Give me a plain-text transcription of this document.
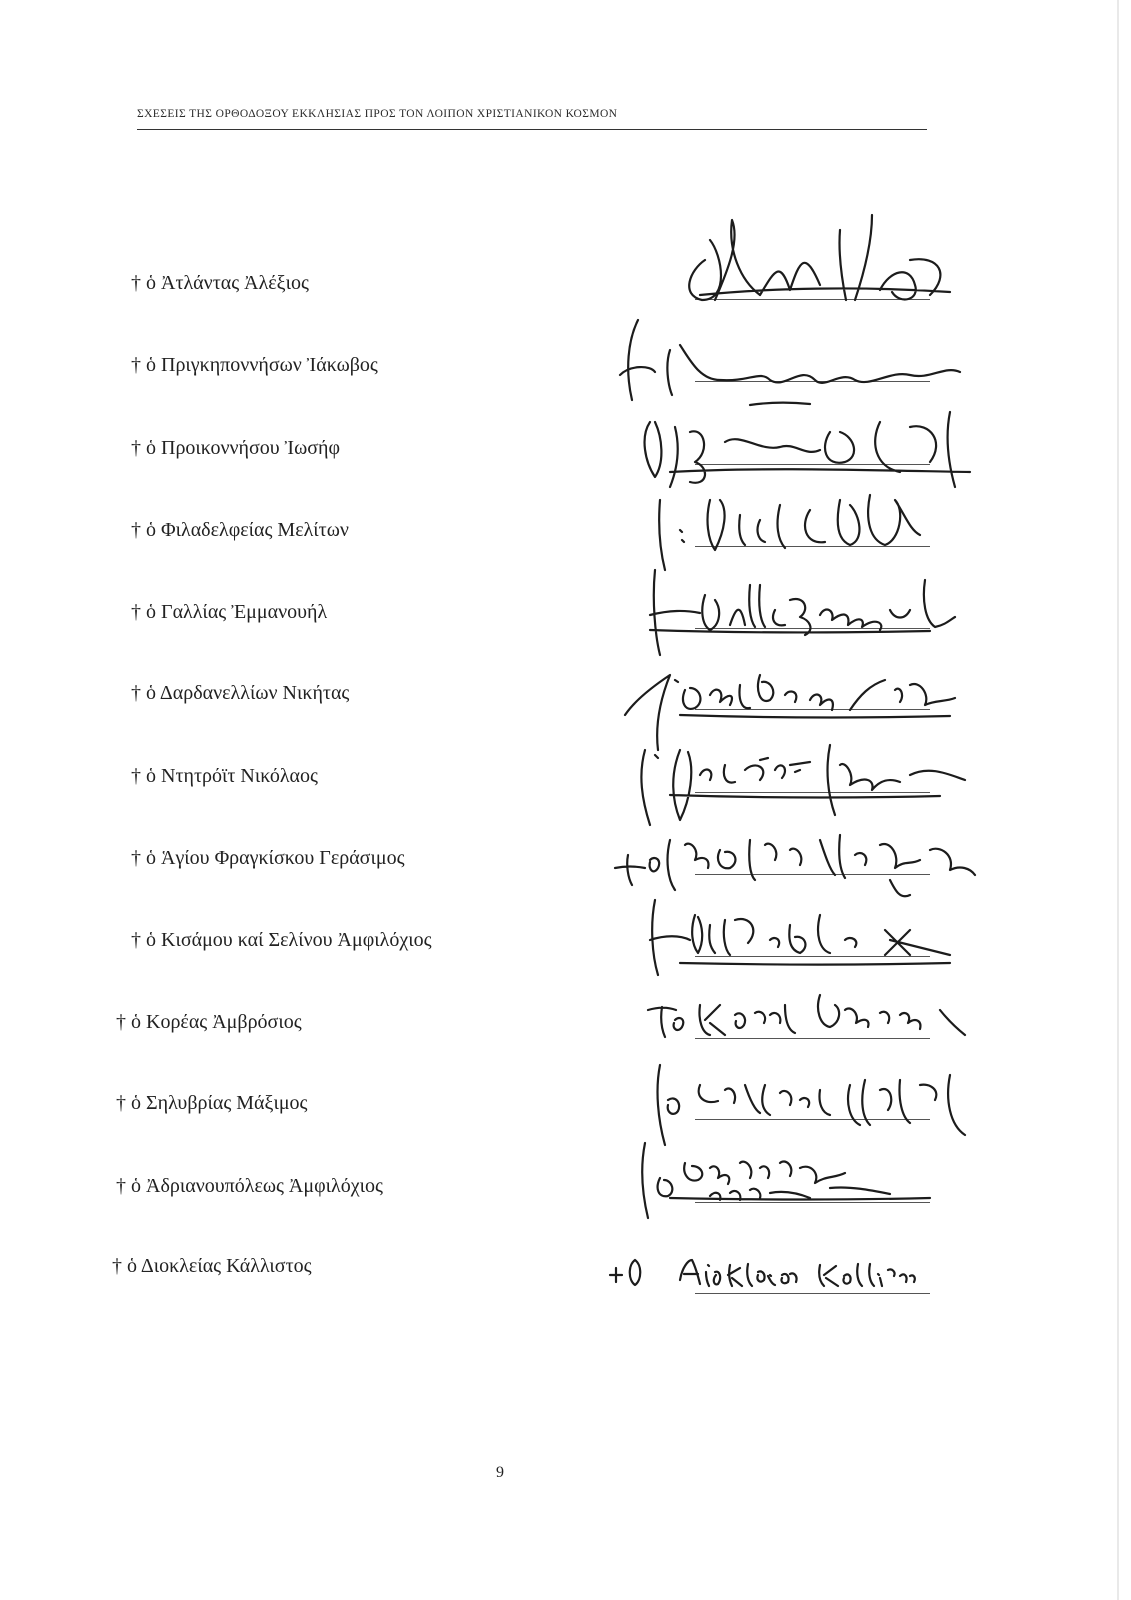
ΣΧΕΣΕΙΣ ΤΗΣ ΟΡΘΟΔΟΞΟΥ ΕΚΚΛΗΣΙΑΣ ΠΡΟΣ ΤΟΝ ΛΟΙΠΟΝ ΧΡΙΣΤΙΑΝΙΚΟΝ ΚΟΣΜΟΝ
† ὁ Ἀτλάντας Ἀλέξιος
† ὁ Πριγκηποννήσων Ἰάκωβος
† ὁ Προικοννήσου Ἰωσήφ
† ὁ Φιλαδελφείας Μελίτων
† ὁ Γαλλίας Ἐμμανουήλ
† ὁ Δαρδανελλίων Νικήτας
† ὁ Ντητρόϊτ Νικόλαος
† ὁ Ἁγίου Φραγκίσκου Γεράσιμος
† ὁ Κισάμου καί Σελίνου Ἀμφιλόχιος
† ὁ Κορέας Ἀμβρόσιος
† ὁ Σηλυβρίας Μάξιμος
† ὁ Ἀδριανουπόλεως Ἀμφιλόχιος
† ὁ Διοκλείας Κάλλιστος
9
